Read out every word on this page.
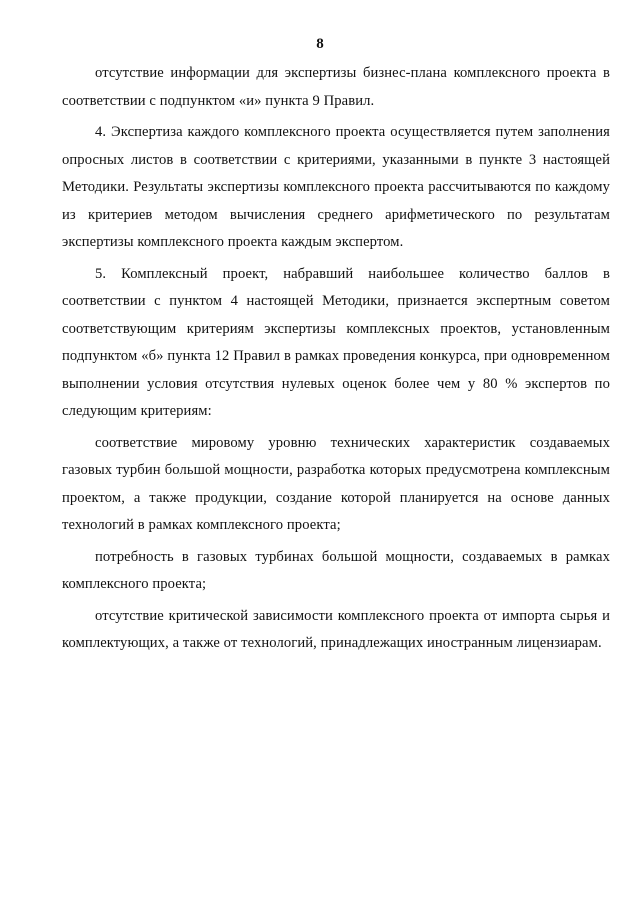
8

отсутствие информации для экспертизы бизнес-плана комплексного проекта в соответствии с подпунктом «и» пункта 9 Правил.

4. Экспертиза каждого комплексного проекта осуществляется путем заполнения опросных листов в соответствии с критериями, указанными в пункте 3 настоящей Методики. Результаты экспертизы комплексного проекта рассчитываются по каждому из критериев методом вычисления среднего арифметического по результатам экспертизы комплексного проекта каждым экспертом.

5. Комплексный проект, набравший наибольшее количество баллов в соответствии с пунктом 4 настоящей Методики, признается экспертным советом соответствующим критериям экспертизы комплексных проектов, установленным подпунктом «б» пункта 12 Правил в рамках проведения конкурса, при одновременном выполнении условия отсутствия нулевых оценок более чем у 80 % экспертов по следующим критериям:

соответствие мировому уровню технических характеристик создаваемых газовых турбин большой мощности, разработка которых предусмотрена комплексным проектом, а также продукции, создание которой планируется на основе данных технологий в рамках комплексного проекта;

потребность в газовых турбинах большой мощности, создаваемых в рамках комплексного проекта;

отсутствие критической зависимости комплексного проекта от импорта сырья и комплектующих, а также от технологий, принадлежащих иностранным лицензиарам.
